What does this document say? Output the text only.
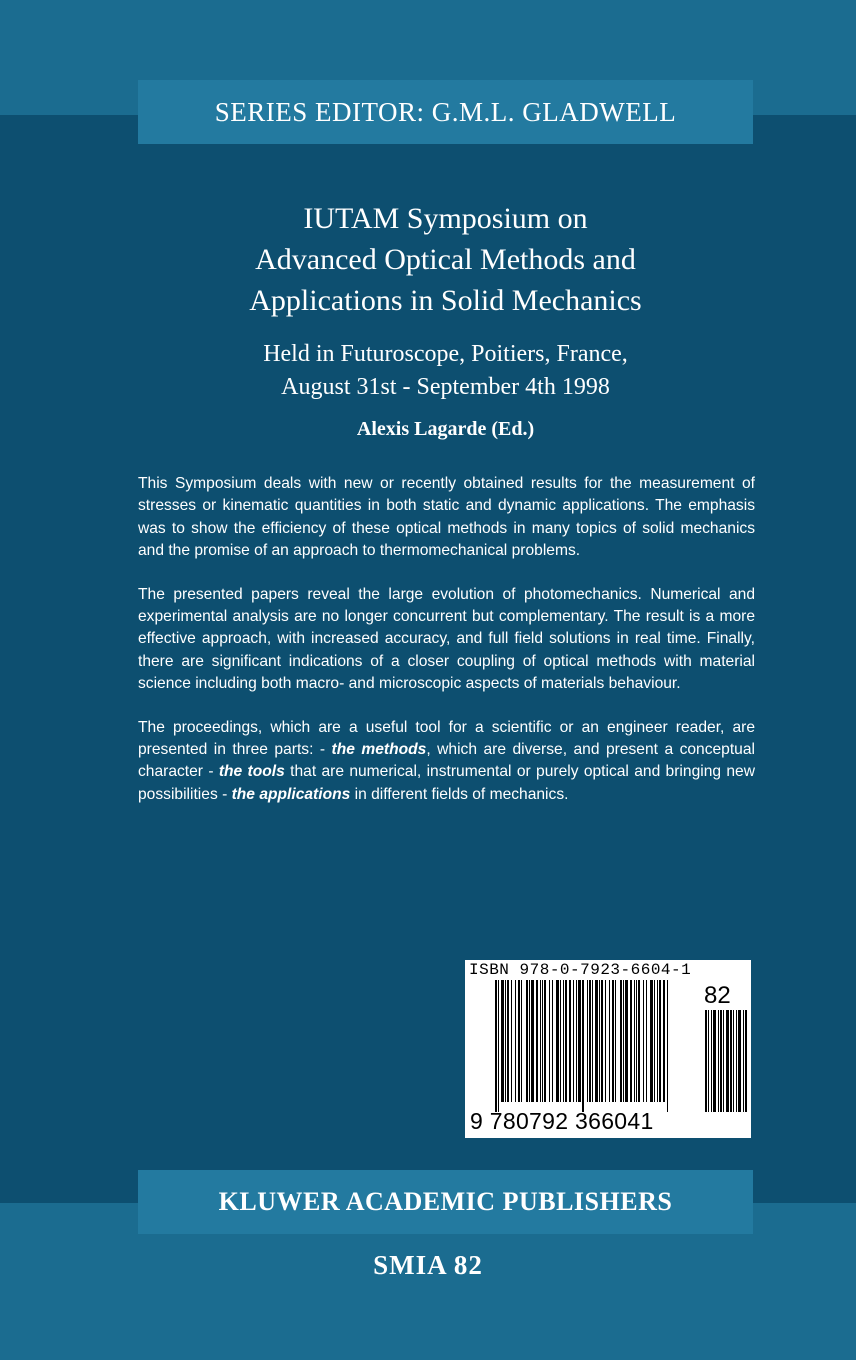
SERIES EDITOR: G.M.L. GLADWELL
IUTAM Symposium on
Advanced Optical Methods and
Applications in Solid Mechanics
Held in Futuroscope, Poitiers, France,
August 31st - September 4th 1998
Alexis Lagarde (Ed.)

This Symposium deals with new or recently obtained results for the measurement of stresses or kinematic quantities in both static and dynamic applications. The emphasis was to show the efficiency of these optical methods in many topics of solid mechanics and the promise of an approach to thermomechanical problems.

The presented papers reveal the large evolution of photomechanics. Numerical and experimental analysis are no longer concurrent but complementary. The result is a more effective approach, with increased accuracy, and full field solutions in real time. Finally, there are significant indications of a closer coupling of optical methods with material science including both macro- and microscopic aspects of materials behaviour.

The proceedings, which are a useful tool for a scientific or an engineer reader, are presented in three parts: - the methods, which are diverse, and present a conceptual character - the tools that are numerical, instrumental or purely optical and bringing new possibilities - the applications in different fields of mechanics.

ISBN 978-0-7923-6604-1
82
9 780792 366041
KLUWER ACADEMIC PUBLISHERS
SMIA 82
